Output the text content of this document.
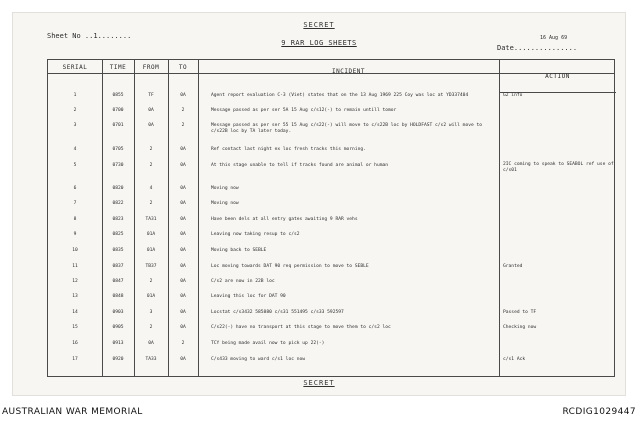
SECRET
Sheet No ..1........
9 RAR LOG SHEETS
16 Aug 69
Date...............
SERIAL	TIME	FROM	TO
INCIDENT
ACTION
1	0855	TF	0A	Agent report evaluation C-3 (Viet) states that on the 13 Aug 1969 225 Coy was loc at YD337404	G2 info
2	0700	0A	2	Message passed as per ser 5A 15 Aug c/s12(-) to remain untill tomor
3	0701	0A	2	Message passed as per ser 55 15 Aug c/s22(-) will move to c/s22B loc by HOLDFAST c/s2 will move to c/s22B loc by TA later today.
4	0705	2	0A	Ref contact last night ex loc fresh tracks this morning.
5	0730	2	0A	At this stage unable to tell if tracks found are animal or human	2IC coming to speak to SEABOL ref use of c/s01
6	0820	4	0A	Moving now
7	0822	2	0A	Moving now
8	0823	TA31	0A	Have been dels at all entry gates awaiting 9 RAR vehs
9	0825	01A	0A	Leaving now taking resup to c/s2
10	0835	01A	0A	Moving back to SEBLE
11	0837	TB37	0A	Loc moving towards DAT 90 req permission to move to SEBLE	Granted
12	0847	2	0A	C/s2 are now in 22B loc
13	0848	01A	0A	Leaving this loc for DAT 90
14	0903	3	0A	Locstat c/s3432 585880 c/s31 551495 c/s33 592597	Passed to TF
15	0905	2	0A	C/s22(-) have no transport at this stage to move them to c/s2 loc	Checking now
16	0913	0A	2	TCY being made avail now to pick up 22(-)
17	0920	TA33	0A	C/s433 moving to ward c/s1 loc now	c/s1 Ack
SECRET
AUSTRALIAN WAR MEMORIAL	RCDIG1029447
